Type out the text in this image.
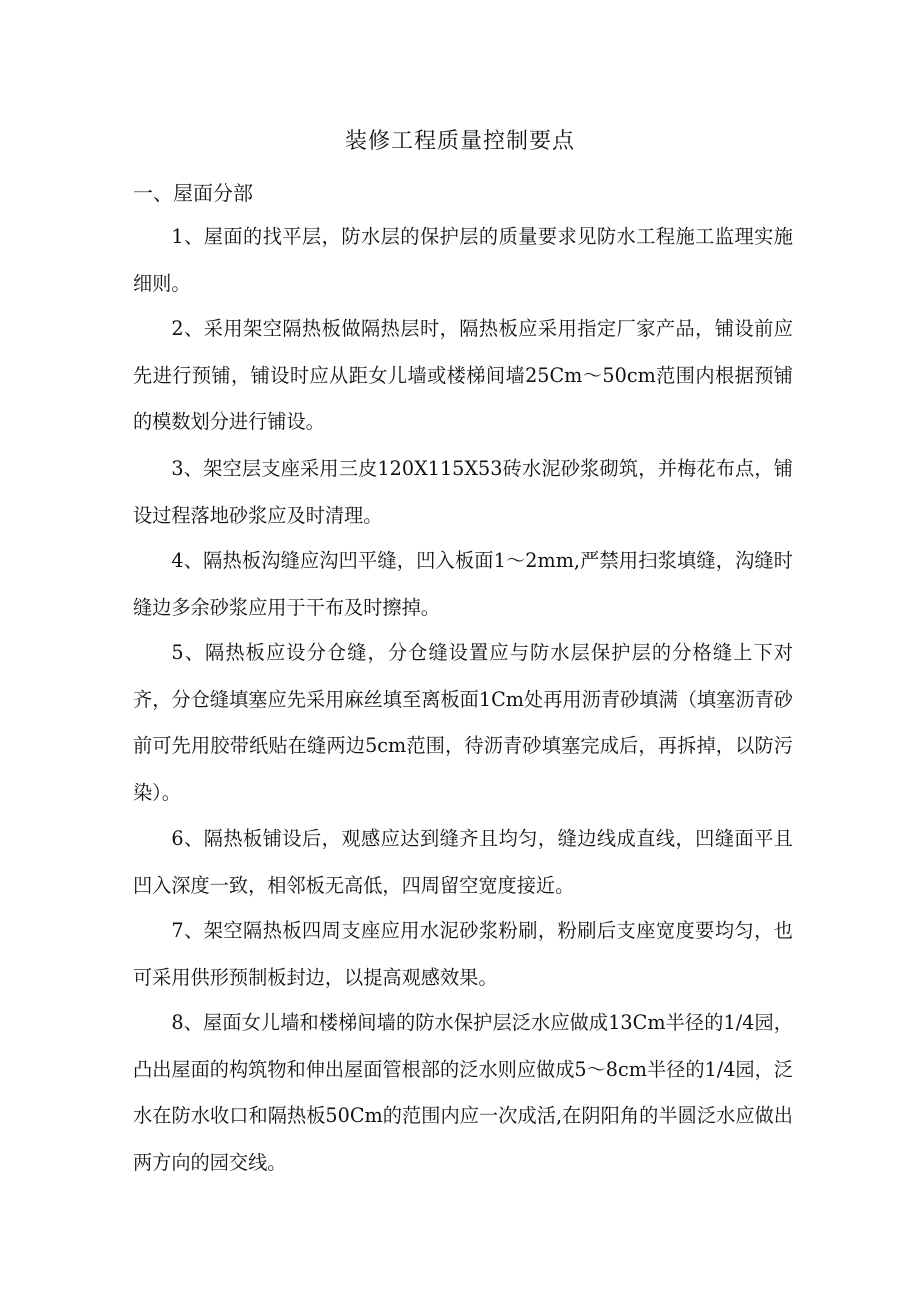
装修工程质量控制要点
一、屋面分部

1、屋面的找平层，防水层的保护层的质量要求见防水工程施工监理实施细则。

2、采用架空隔热板做隔热层时，隔热板应采用指定厂家产品，铺设前应先进行预铺，铺设时应从距女儿墙或楼梯间墙25Cm～50cm范围内根据预铺的模数划分进行铺设。

3、架空层支座采用三皮120X115X53砖水泥砂浆砌筑，并梅花布点，铺设过程落地砂浆应及时清理。

4、隔热板沟缝应沟凹平缝，凹入板面1～2mm,严禁用扫浆填缝，沟缝时缝边多余砂浆应用于干布及时擦掉。

5、隔热板应设分仓缝，分仓缝设置应与防水层保护层的分格缝上下对齐，分仓缝填塞应先采用麻丝填至离板面1Cm处再用沥青砂填满（填塞沥青砂前可先用胶带纸贴在缝两边5cm范围，待沥青砂填塞完成后，再拆掉，以防污染）。

6、隔热板铺设后，观感应达到缝齐且均匀，缝边线成直线，凹缝面平且凹入深度一致，相邻板无高低，四周留空宽度接近。

7、架空隔热板四周支座应用水泥砂浆粉刷，粉刷后支座宽度要均匀，也可采用供形预制板封边，以提高观感效果。

8、屋面女儿墙和楼梯间墙的防水保护层泛水应做成13Cm半径的1/4园，凸出屋面的构筑物和伸出屋面管根部的泛水则应做成5～8cm半径的1/4园，泛水在防水收口和隔热板50Cm的范围内应一次成活,在阴阳角的半圆泛水应做出两方向的园交线。
